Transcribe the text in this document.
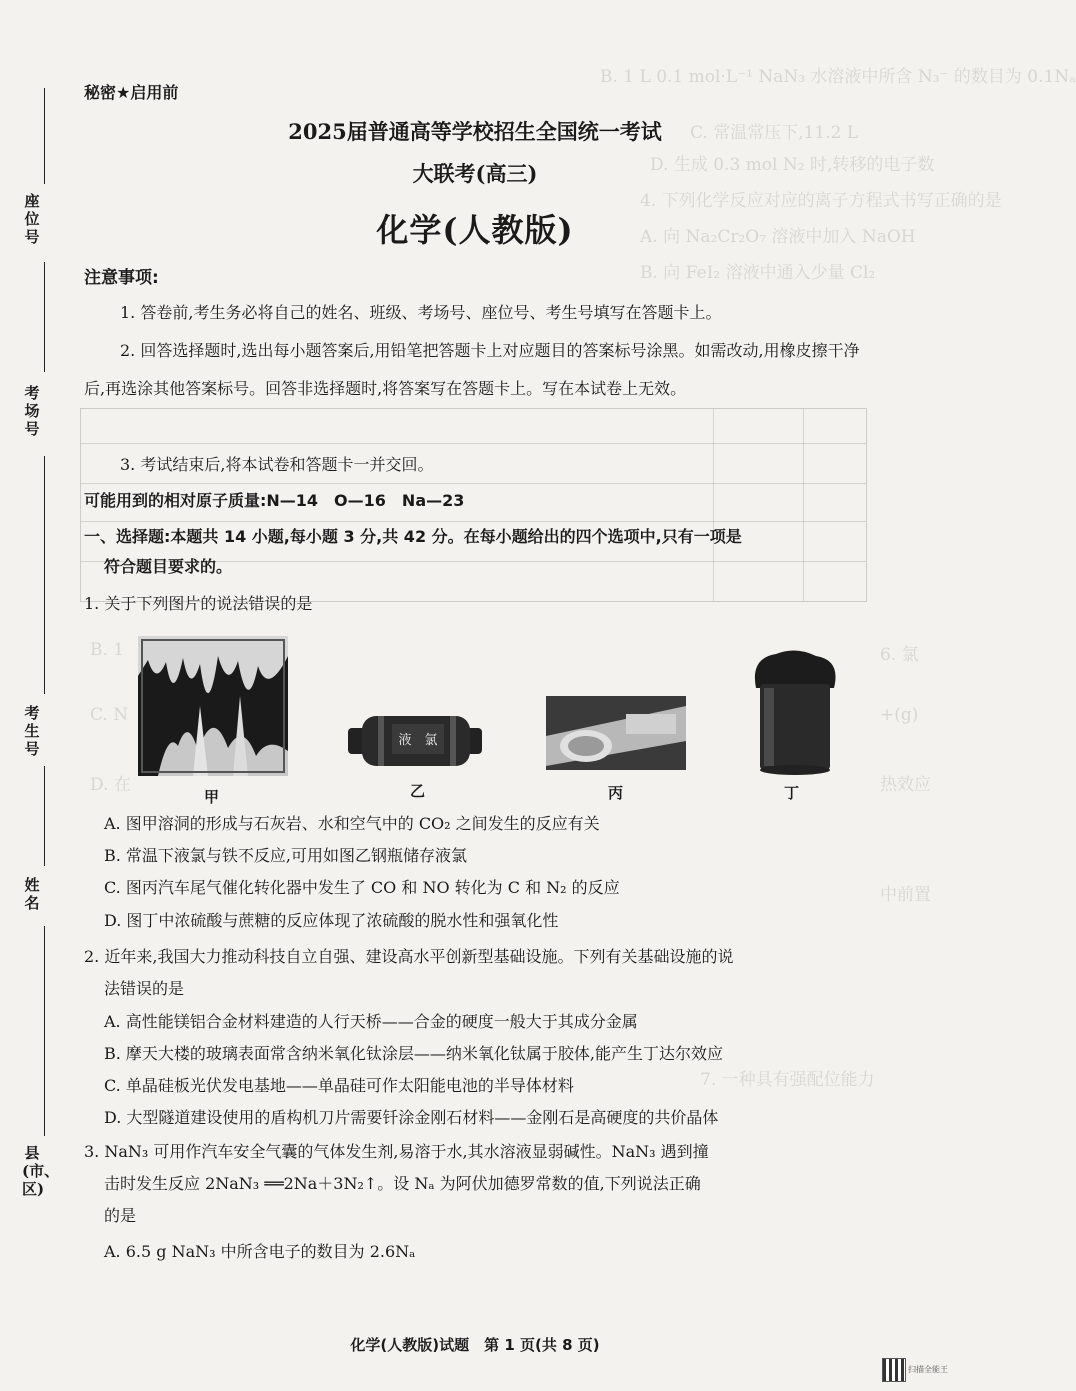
B. 1 L 0.1 mol·L⁻¹ NaN₃ 水溶液中所含 N₃⁻ 的数目为 0.1Nₐ
C. 常温常压下,11.2 L
D. 生成 0.3 mol N₂ 时,转移的电子数
4. 下列化学反应对应的离子方程式书写正确的是
A. 向 Na₂Cr₂O₇ 溶液中加入 NaOH
B. 向 FeI₂ 溶液中通入少量 Cl₂
B. 1	6. 氯
C. N	+(g)
D. 在	热效应
中前置
7. 一种具有强配位能力
座位号
考场号
考生号
姓名
县(市、区)
秘密★启用前
2025届普通高等学校招生全国统一考试
大联考(高三)
化学(人教版)
注意事项:
1. 答卷前,考生务必将自己的姓名、班级、考场号、座位号、考生号填写在答题卡上。
2. 回答选择题时,选出每小题答案后,用铅笔把答题卡上对应题目的答案标号涂黑。如需改动,用橡皮擦干净后,再选涂其他答案标号。回答非选择题时,将答案写在答题卡上。写在本试卷上无效。
3. 考试结束后,将本试卷和答题卡一并交回。
可能用到的相对原子质量:N—14　O—16　Na—23
一、选择题:本题共 14 小题,每小题 3 分,共 42 分。在每小题给出的四个选项中,只有一项是
符合题目要求的。
1. 关于下列图片的说法错误的是
液　氯
甲	乙	丙	丁
A. 图甲溶洞的形成与石灰岩、水和空气中的 CO₂ 之间发生的反应有关
B. 常温下液氯与铁不反应,可用如图乙钢瓶储存液氯
C. 图丙汽车尾气催化转化器中发生了 CO 和 NO 转化为 C 和 N₂ 的反应
D. 图丁中浓硫酸与蔗糖的反应体现了浓硫酸的脱水性和强氧化性
2. 近年来,我国大力推动科技自立自强、建设高水平创新型基础设施。下列有关基础设施的说
法错误的是
A. 高性能镁铝合金材料建造的人行天桥——合金的硬度一般大于其成分金属
B. 摩天大楼的玻璃表面常含纳米氧化钛涂层——纳米氧化钛属于胶体,能产生丁达尔效应
C. 单晶硅板光伏发电基地——单晶硅可作太阳能电池的半导体材料
D. 大型隧道建设使用的盾构机刀片需要钎涂金刚石材料——金刚石是高硬度的共价晶体
3. NaN₃ 可用作汽车安全气囊的气体发生剂,易溶于水,其水溶液显弱碱性。NaN₃ 遇到撞
击时发生反应 2NaN₃ ══2Na＋3N₂↑。设 Nₐ 为阿伏加德罗常数的值,下列说法正确
的是
A. 6.5 g NaN₃ 中所含电子的数目为 2.6Nₐ
化学(人教版)试题　第 1 页(共 8 页)
扫描全能王
